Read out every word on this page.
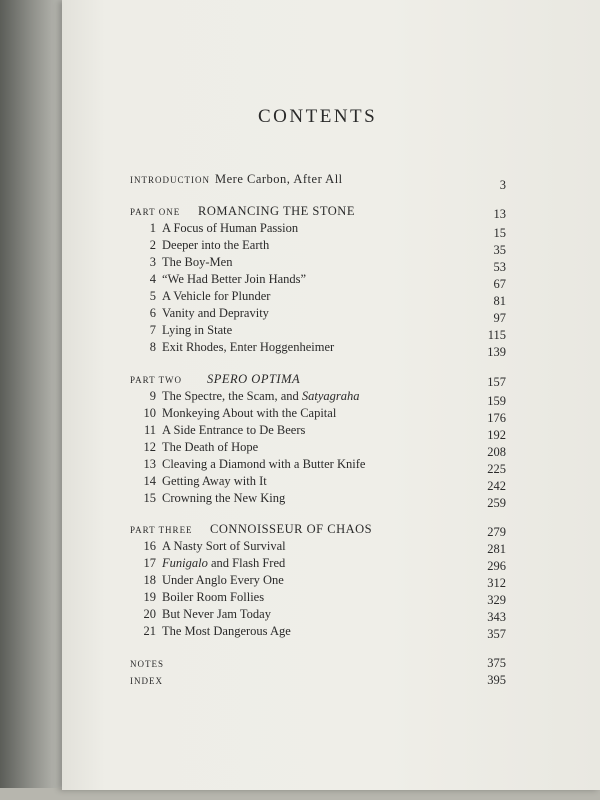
CONTENTS
INTRODUCTION Mere Carbon, After All	3
PART ONE ROMANCING THE STONE	13
1 A Focus of Human Passion	15
2 Deeper into the Earth	35
3 The Boy-Men	53
4 “We Had Better Join Hands”	67
5 A Vehicle for Plunder	81
6 Vanity and Depravity	97
7 Lying in State	115
8 Exit Rhodes, Enter Hoggenheimer	139
PART TWO SPERO OPTIMA	157
9 The Spectre, the Scam, and Satyagraha	159
10 Monkeying About with the Capital	176
11 A Side Entrance to De Beers	192
12 The Death of Hope	208
13 Cleaving a Diamond with a Butter Knife	225
14 Getting Away with It	242
15 Crowning the New King	259
PART THREE CONNOISSEUR OF CHAOS	279
16 A Nasty Sort of Survival	281
17 Funigalo and Flash Fred	296
18 Under Anglo Every One	312
19 Boiler Room Follies	329
20 But Never Jam Today	343
21 The Most Dangerous Age	357
NOTES	375
INDEX	395
